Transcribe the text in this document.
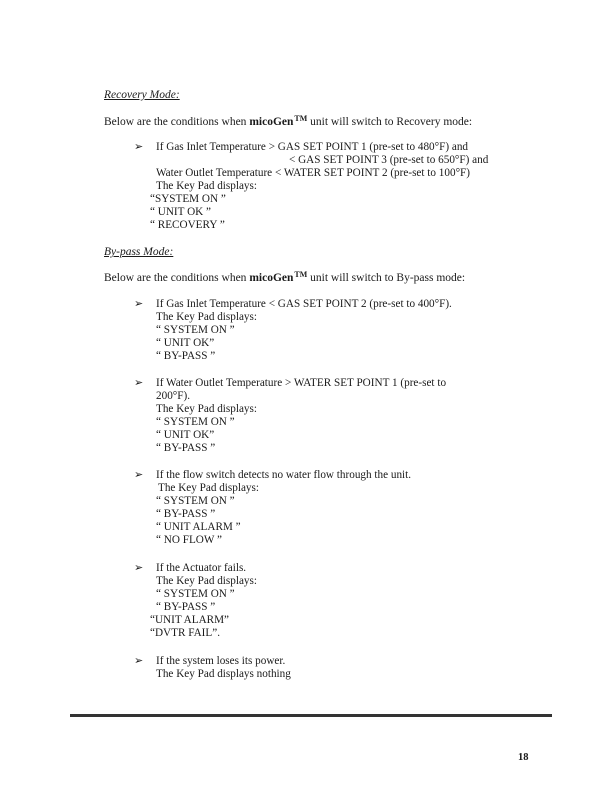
Recovery Mode:
Below are the conditions when micoGen™ unit will switch to Recovery mode:
➢ If Gas Inlet Temperature > GAS SET POINT 1 (pre-set to 480°F) and
< GAS SET POINT 3 (pre-set to 650°F) and
Water Outlet Temperature < WATER SET POINT 2 (pre-set to 100°F)
The Key Pad displays:
“SYSTEM ON ”
“ UNIT OK ”
“ RECOVERY ”
By-pass Mode:
Below are the conditions when micoGen™ unit will switch to By-pass mode:
➢ If Gas Inlet Temperature < GAS SET POINT 2 (pre-set to 400°F).
The Key Pad displays:
“ SYSTEM ON ”
“ UNIT OK”
“ BY-PASS ”
➢ If Water Outlet Temperature > WATER SET POINT 1 (pre-set to
200°F).
The Key Pad displays:
“ SYSTEM ON ”
“ UNIT OK”
“ BY-PASS ”
➢ If the flow switch detects no water flow through the unit.
The Key Pad displays:
“ SYSTEM ON ”
“ BY-PASS ”
“ UNIT ALARM ”
“ NO FLOW ”
➢ If the Actuator fails.
The Key Pad displays:
“ SYSTEM ON ”
“ BY-PASS ”
“UNIT ALARM”
“DVTR FAIL”.
➢ If the system loses its power.
The Key Pad displays nothing
18
